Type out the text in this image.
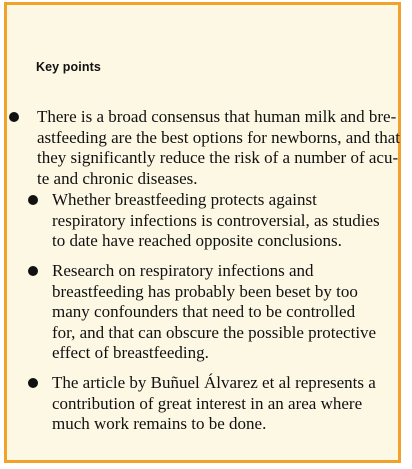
Key points
There is a broad consensus that human milk and bre-
astfeeding are the best options for newborns, and that
they significantly reduce the risk of a number of acu-
te and chronic diseases.
Whether breastfeeding protects against
respiratory infections is controversial, as studies
to date have reached opposite conclusions.
Research on respiratory infections and
breastfeeding has probably been beset by too
many confounders that need to be controlled
for, and that can obscure the possible protective
effect of breastfeeding.
The article by Buñuel Álvarez et al represents a
contribution of great interest in an area where
much work remains to be done.
